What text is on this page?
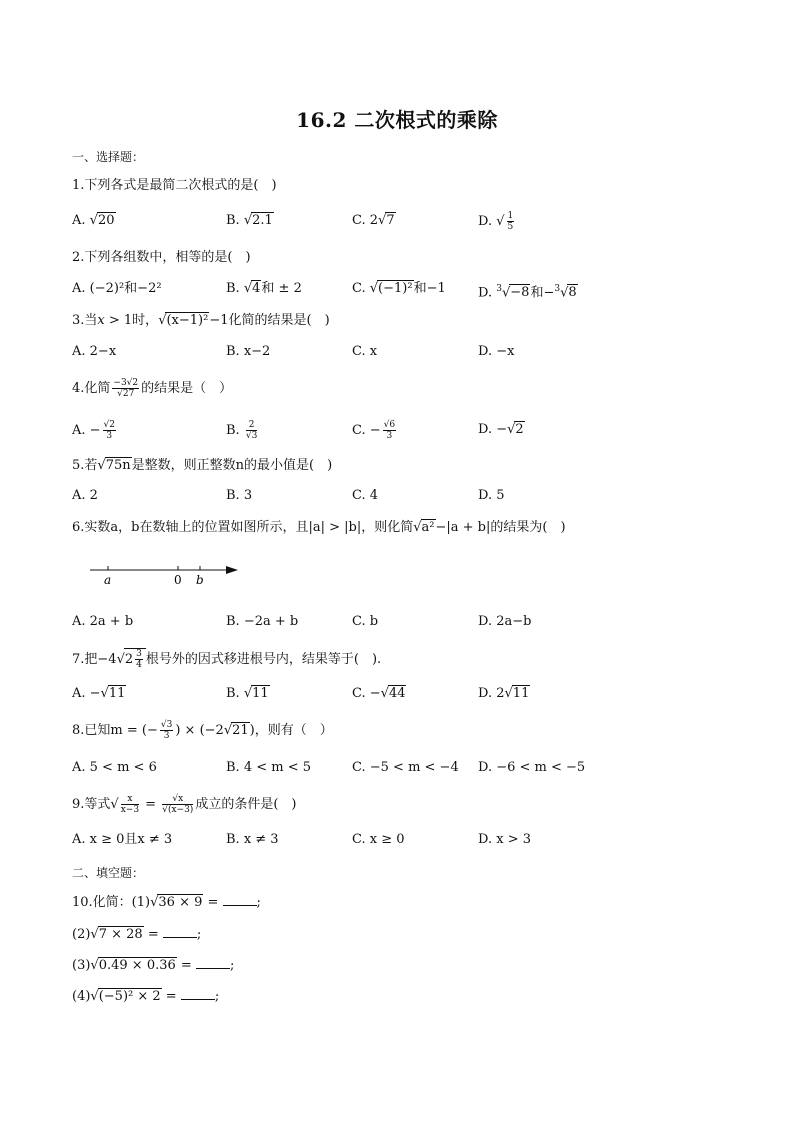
16.2 二次根式的乘除
一、选择题：
1.下列各式是最简二次根式的是(　)
A. √20	B. √2.1	C. 2√7	D. √ $\frac{1}{5}$
2.下列各组数中，相等的是(　)
A. (−2)²和−2²	B. √4和 ± 2	C. √(−1)²和−1 D. $^3$√−8和−$^3$√8
3.当x > 1时，√(x−1)²−1化简的结果是(　)
A. 2−x	B. x−2	C. x	D. −x
4.化简 $\frac{-3√2}{√27}$ 的结果是（　）
A. − $\frac{√2}{3}$	B. $\frac{2}{√3}$	C. − $\frac{√6}{3}$	D. −√2
5.若√75n是整数，则正整数n的最小值是(　)
A. 2	B. 3	C. 4	D. 5
6.实数a，b在数轴上的位置如图所示，且|a| > |b|，则化简√a²−|a + b|的结果为(　)
a	0 b
A. 2a + b	B. −2a + b	C. b	D. 2a−b
7.把$-4√2 \frac{3}{4}$ 根号外的因式移进根号内，结果等于(　).
A. −√11	B. √11	C. −√44	D. 2√11
8.已知m = (− $\frac{√3}{3}$ ) × (−2√21)，则有（　）
A. 5 < m < 6	B. 4 < m < 5	C. −5 < m < −4 D. −6 < m < −5
9.等式√ $\frac{x}{x-3} = \frac{√x}{√(x-3)}$ 成立的条件是(　)
A. x ≥ 0且x ≠ 3	B. x ≠ 3	C. x ≥ 0	D. x > 3
二、填空题：
10.化简：(1)√36 × 9 =	;
(2)√7 × 28 =	;
(3)√0.49 × 0.36 =	;
(4)√(−5)² × 2 =	;
